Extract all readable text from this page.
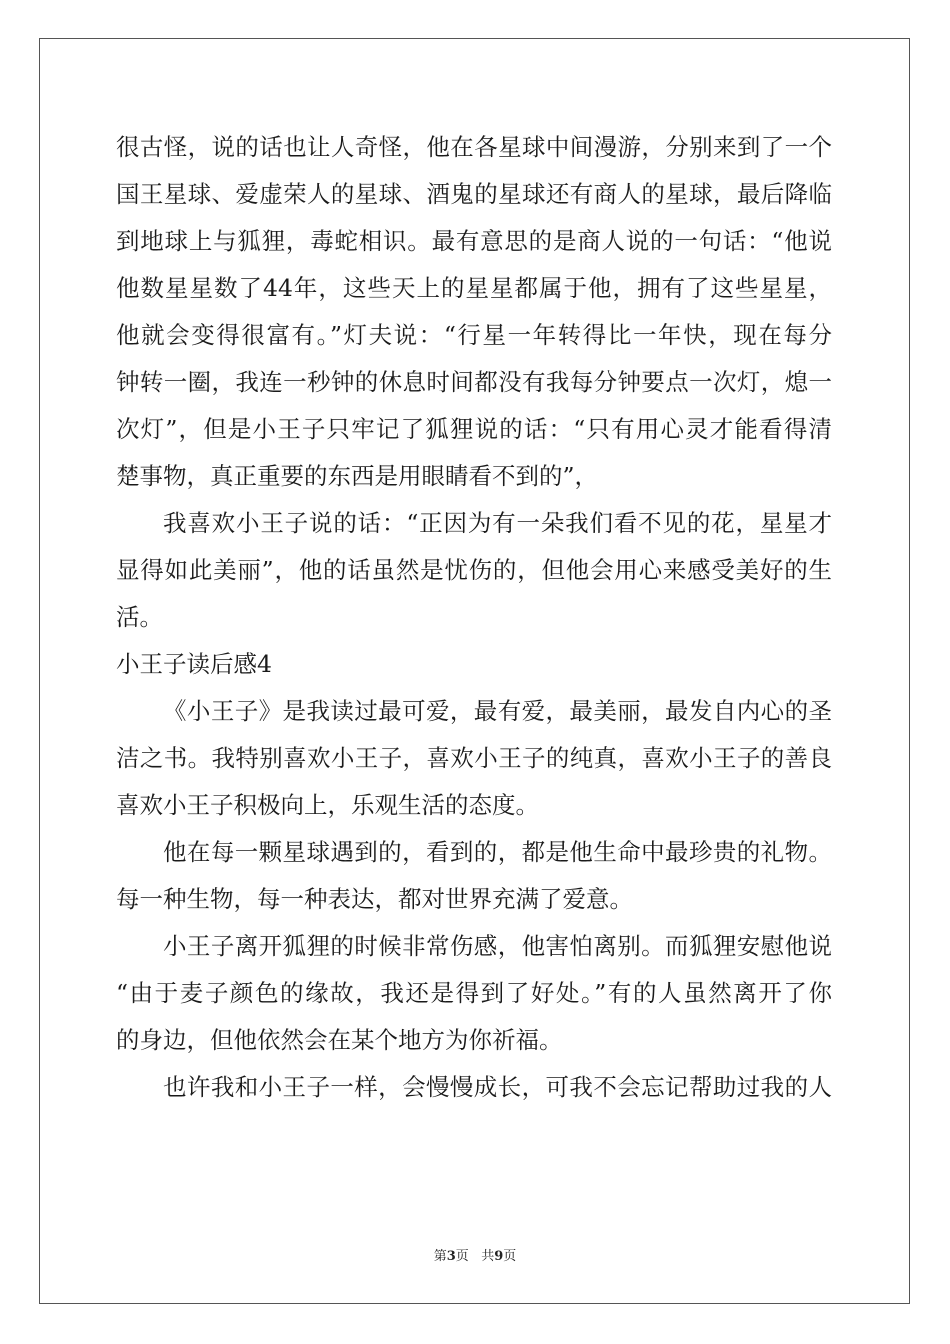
很古怪，说的话也让人奇怪，他在各星球中间漫游，分别来到了一个
国王星球、爱虚荣人的星球、酒鬼的星球还有商人的星球，最后降临
到地球上与狐狸，毒蛇相识。最有意思的是商人说的一句话：“他说
他数星星数了44年，这些天上的星星都属于他，拥有了这些星星，
他就会变得很富有。”灯夫说：“行星一年转得比一年快，现在每分
钟转一圈，我连一秒钟的休息时间都没有我每分钟要点一次灯，熄一
次灯”，但是小王子只牢记了狐狸说的话：“只有用心灵才能看得清
楚事物，真正重要的东西是用眼睛看不到的”，
我喜欢小王子说的话：“正因为有一朵我们看不见的花，星星才
显得如此美丽”，他的话虽然是忧伤的，但他会用心来感受美好的生
活。
小王子读后感4
《小王子》是我读过最可爱，最有爱，最美丽，最发自内心的圣
洁之书。我特别喜欢小王子，喜欢小王子的纯真，喜欢小王子的善良
喜欢小王子积极向上，乐观生活的态度。
他在每一颗星球遇到的，看到的，都是他生命中最珍贵的礼物。
每一种生物，每一种表达，都对世界充满了爱意。
小王子离开狐狸的时候非常伤感，他害怕离别。而狐狸安慰他说
“由于麦子颜色的缘故，我还是得到了好处。”有的人虽然离开了你
的身边，但他依然会在某个地方为你祈福。
也许我和小王子一样，会慢慢成长，可我不会忘记帮助过我的人
第3页 共9页
